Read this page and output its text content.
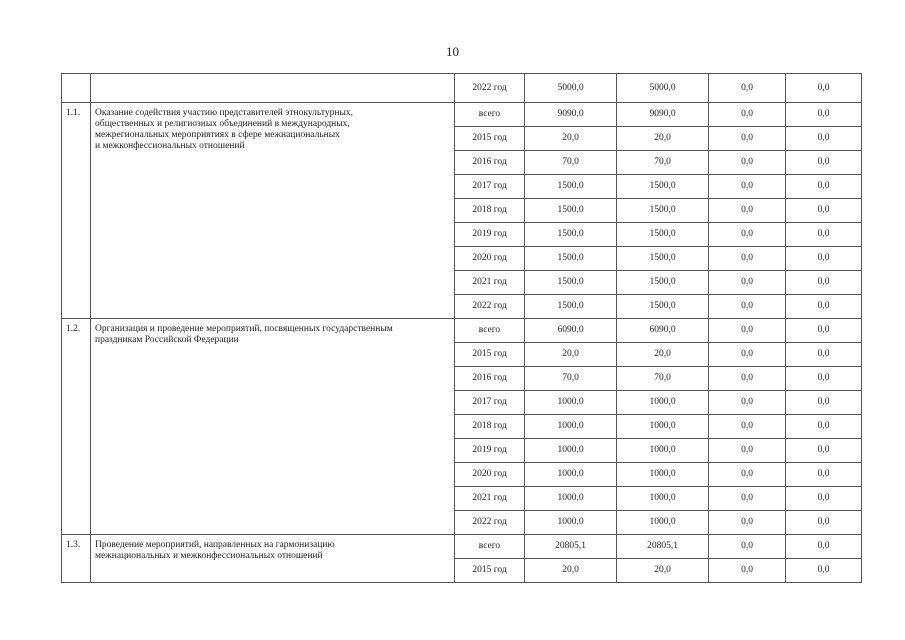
10
		2022 год	5000,0	5000,0	0,0	0,0
1.1.	Оказание содействия участию представителей этнокультурных,
общественных и религиозных объединений в международных,
межрегиональных мероприятиях в сфере межнациональных
и межконфессиональных отношений	всего	9090,0	9090,0	0,0	0,0
		2015 год	20,0	20,0	0,0	0,0
		2016 год	70,0	70,0	0,0	0,0
		2017 год	1500,0	1500,0	0,0	0,0
		2018 год	1500,0	1500,0	0,0	0,0
		2019 год	1500,0	1500,0	0,0	0,0
		2020 год	1500,0	1500,0	0,0	0,0
		2021 год	1500,0	1500,0	0,0	0,0
		2022 год	1500,0	1500,0	0,0	0,0
1.2.	Организация и проведение мероприятий, посвященных государственным
праздникам Российской Федерации	всего	6090,0	6090,0	0,0	0,0
		2015 год	20,0	20,0	0,0	0,0
		2016 год	70,0	70,0	0,0	0,0
		2017 год	1000,0	1000,0	0,0	0,0
		2018 год	1000,0	1000,0	0,0	0,0
		2019 год	1000,0	1000,0	0,0	0,0
		2020 год	1000,0	1000,0	0,0	0,0
		2021 год	1000,0	1000,0	0,0	0,0
		2022 год	1000,0	1000,0	0,0	0,0
1.3.	Проведение мероприятий, направленных на гармонизацию
межнациональных и межконфессиональных отношений	всего	20805,1	20805,1	0,0	0,0
		2015 год	20,0	20,0	0,0	0,0
